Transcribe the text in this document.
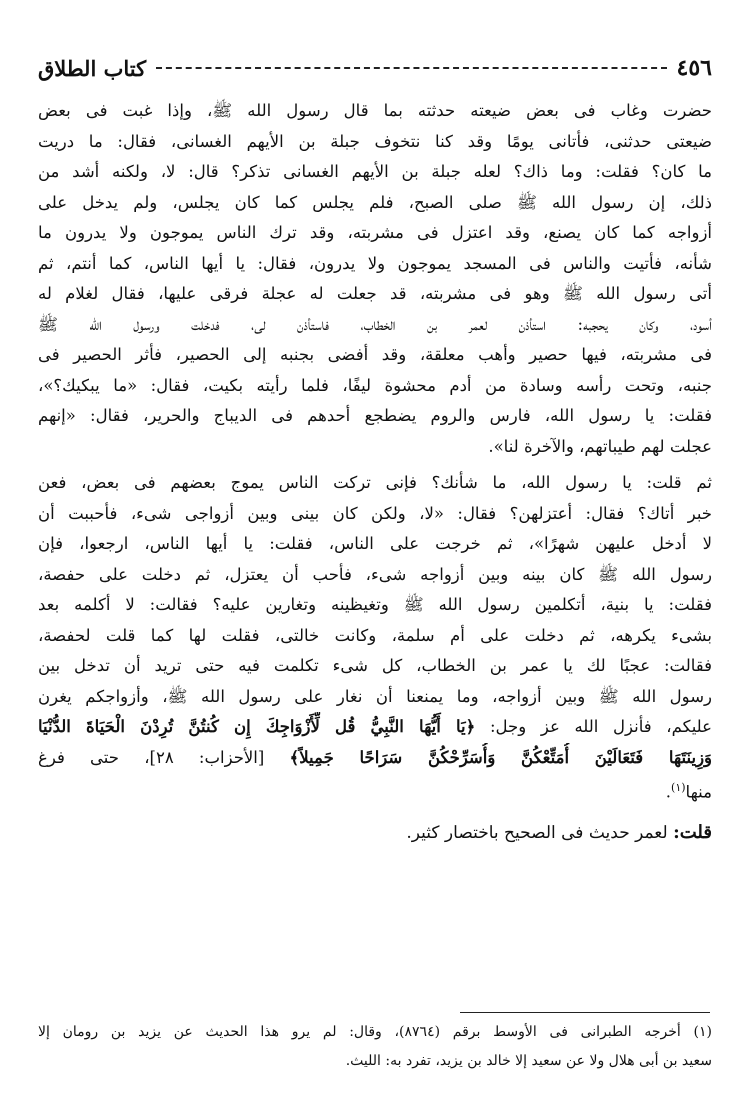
٤٥٦
كتاب الطلاق

حضرت وغاب فى بعض ضيعته حدثته بما قال رسول الله ﷺ، وإذا غبت فى بعض
ضيعتى حدثنى، فأتانى يومًا وقد كنا نتخوف جبلة بن الأيهم الغسانى، فقال: ما دريت
ما كان؟ فقلت: وما ذاك؟ لعله جبلة بن الأيهم الغسانى تذكر؟ قال: لا، ولكنه أشد من
ذلك، إن رسول الله ﷺ صلى الصبح، فلم يجلس كما كان يجلس، ولم يدخل على
أزواجه كما كان يصنع، وقد اعتزل فى مشربته، وقد ترك الناس يموجون ولا يدرون ما
شأنه، فأتيت والناس فى المسجد يموجون ولا يدرون، فقال: يا أيها الناس، كما أنتم، ثم
أتى رسول الله ﷺ وهو فى مشربته، قد جعلت له عجلة فرقى عليها، فقال لغلام له
أسود، وكان يحجبه: استأذن لعمر بن الخطاب، فاستأذن لى، فدخلت ورسول الله ﷺ
فى مشربته، فيها حصير وأهب معلقة، وقد أفضى بجنبه إلى الحصير، فأثر الحصير فى
جنبه، وتحت رأسه وسادة من أدم محشوة ليفًا، فلما رأيته بكيت، فقال: «ما يبكيك؟»،
فقلت: يا رسول الله، فارس والروم يضطجع أحدهم فى الديباج والحرير، فقال: «إنهم
عجلت لهم طيباتهم، والآخرة لنا».

ثم قلت: يا رسول الله، ما شأنك؟ فإنى تركت الناس يموج بعضهم فى بعض، فعن
خبر أتاك؟ فقال: أعتزلهن؟ فقال: «لا، ولكن كان بينى وبين أزواجى شىء، فأحببت أن
لا أدخل عليهن شهرًا»، ثم خرجت على الناس، فقلت: يا أيها الناس، ارجعوا، فإن
رسول الله ﷺ كان بينه وبين أزواجه شىء، فأحب أن يعتزل، ثم دخلت على حفصة،
فقلت: يا بنية، أتكلمين رسول الله ﷺ وتغيظينه وتغارين عليه؟ فقالت: لا أكلمه بعد
بشىء يكرهه، ثم دخلت على أم سلمة، وكانت خالتى، فقلت لها كما قلت لحفصة،
فقالت: عجبًا لك يا عمر بن الخطاب، كل شىء تكلمت فيه حتى تريد أن تدخل بين
رسول الله ﷺ وبين أزواجه، وما يمنعنا أن نغار على رسول الله ﷺ، وأزواجكم يغرن
عليكم، فأنزل الله عز وجل: ﴿يَا أَيُّهَا النَّبِيُّ قُل لِّأَزْوَاجِكَ إِن كُنتُنَّ تُرِدْنَ الْحَيَاةَ الدُّنْيَا
وَزِينَتَهَا فَتَعَالَيْنَ أُمَتِّعْكُنَّ وَأُسَرِّحْكُنَّ سَرَاحًا جَمِيلاً﴾ [الأحزاب: ٢٨]، حتى فرغ
منها$^{(١)}$.

قلت: لعمر حديث فى الصحيح باختصار كثير.
(١) أخرجه الطبرانى فى الأوسط برقم (٨٧٦٤)، وقال: لم يرو هذا الحديث عن يزيد بن رومان إلا
سعيد بن أبى هلال ولا عن سعيد إلا خالد بن يزيد، تفرد به: الليث.
